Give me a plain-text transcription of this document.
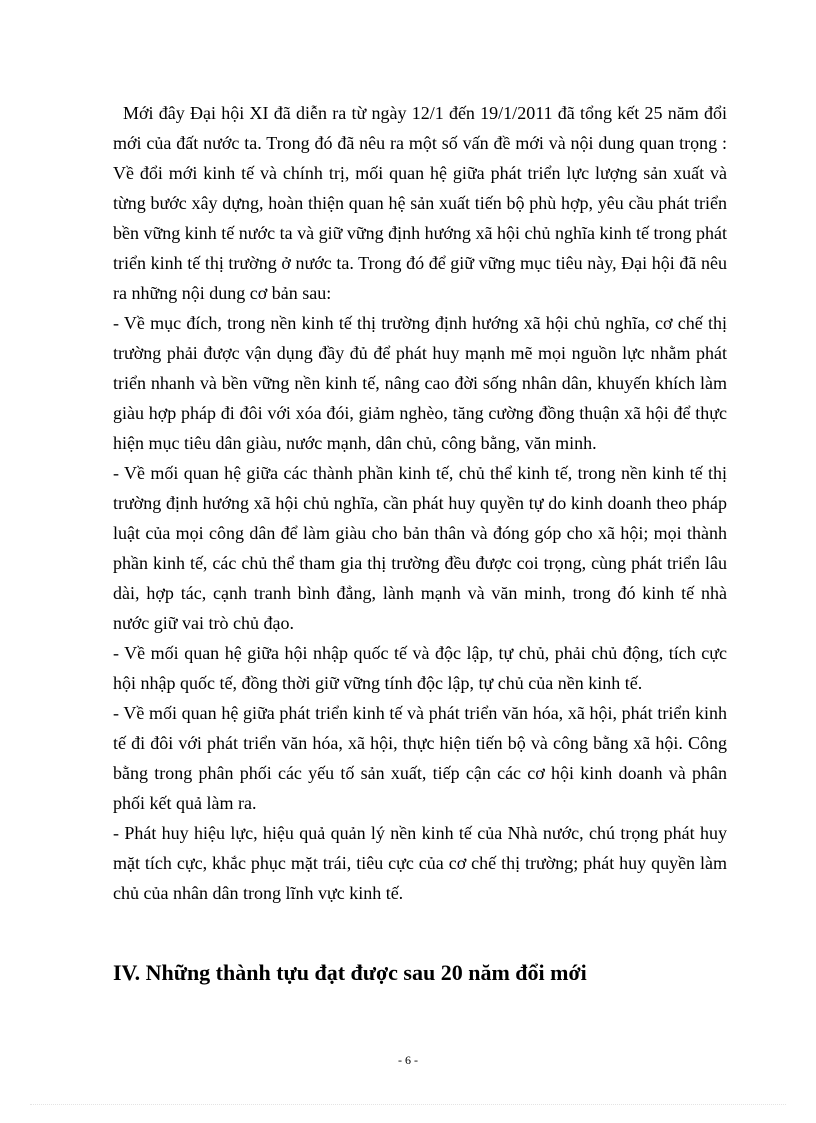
Mới đây Đại hội XI đã diễn ra từ ngày 12/1 đến 19/1/2011 đã tổng kết 25 năm đổi mới của đất nước ta. Trong đó đã nêu ra một số vấn đề mới và nội dung quan trọng : Về đổi mới kinh tế và chính trị, mối quan hệ giữa phát triển lực lượng sản xuất và từng bước xây dựng, hoàn thiện quan hệ sản xuất tiến bộ phù hợp, yêu cầu phát triển bền vững kinh tế nước ta và giữ vững định hướng xã hội chủ nghĩa kinh tế trong phát triển kinh tế thị trường ở nước ta. Trong đó để giữ vững mục tiêu này, Đại hội đã nêu ra những nội dung cơ bản sau:

- Về mục đích, trong nền kinh tế thị trường định hướng xã hội chủ nghĩa, cơ chế thị trường phải được vận dụng đầy đủ để phát huy mạnh mẽ mọi nguồn lực nhằm phát triển nhanh và bền vững nền kinh tế, nâng cao đời sống nhân dân, khuyến khích làm giàu hợp pháp đi đôi với xóa đói, giảm nghèo, tăng cường đồng thuận xã hội để thực hiện mục tiêu dân giàu, nước mạnh, dân chủ, công bằng, văn minh.

- Về mối quan hệ giữa các thành phần kinh tế, chủ thể kinh tế, trong nền kinh tế thị trường định hướng xã hội chủ nghĩa, cần phát huy quyền tự do kinh doanh theo pháp luật của mọi công dân để làm giàu cho bản thân và đóng góp cho xã hội; mọi thành phần kinh tế, các chủ thể tham gia thị trường đều được coi trọng, cùng phát triển lâu dài, hợp tác, cạnh tranh bình đẳng, lành mạnh và văn minh, trong đó kinh tế nhà nước giữ vai trò chủ đạo.

- Về mối quan hệ giữa hội nhập quốc tế và độc lập, tự chủ, phải chủ động, tích cực hội nhập quốc tế, đồng thời giữ vững tính độc lập, tự chủ của nền kinh tế.

- Về mối quan hệ giữa phát triển kinh tế và phát triển văn hóa, xã hội, phát triển kinh tế đi đôi với phát triển văn hóa, xã hội, thực hiện tiến bộ và công bằng xã hội. Công bằng trong phân phối các yếu tố sản xuất, tiếp cận các cơ hội kinh doanh và phân phối kết quả làm ra.

- Phát huy hiệu lực, hiệu quả quản lý nền kinh tế của Nhà nước, chú trọng phát huy mặt tích cực, khắc phục mặt trái, tiêu cực của cơ chế thị trường; phát huy quyền làm chủ của nhân dân trong lĩnh vực kinh tế.

IV. Những thành tựu đạt được sau 20 năm đổi mới
- 6 -
